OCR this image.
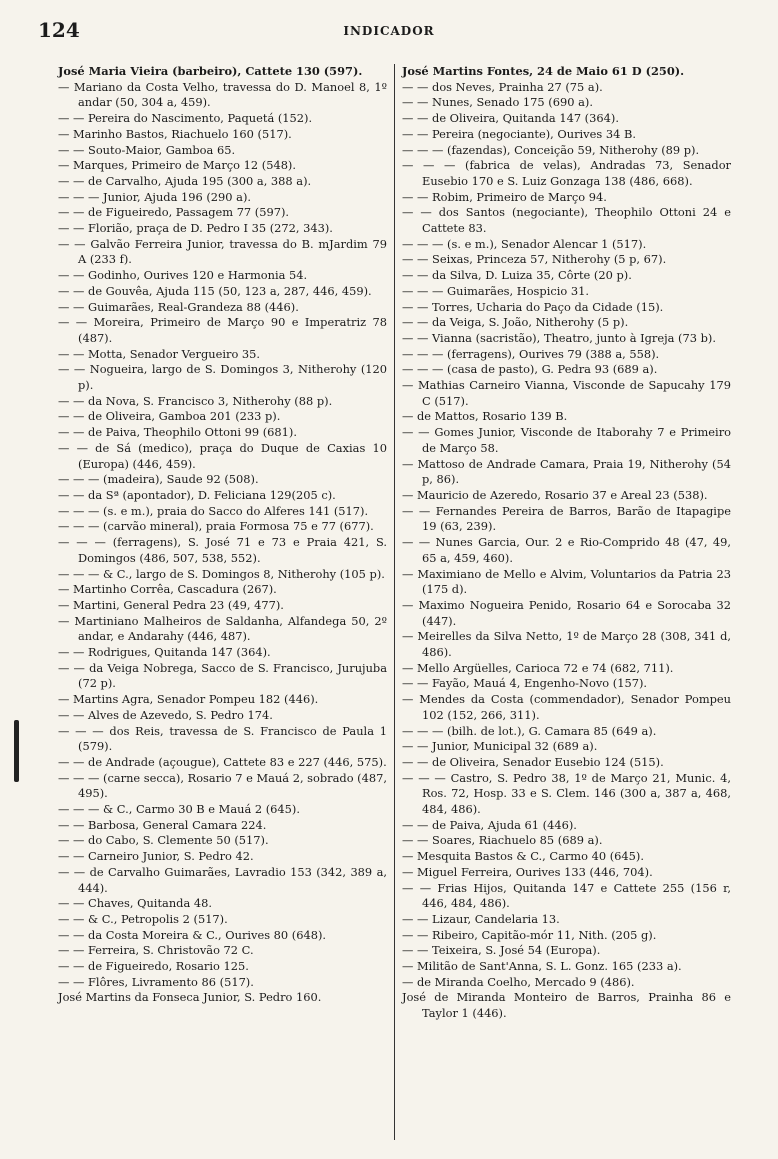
124	INDICADOR
José Maria Vieira (barbeiro), Cattete 130 (597).
— Mariano da Costa Velho, travessa do D. Manoel 8, 1º andar (50, 304 a, 459).
— — Pereira do Nascimento, Paquetá (152).
— Marinho Bastos, Riachuelo 160 (517).
— — Souto-Maior, Gamboa 65.
— Marques, Primeiro de Março 12 (548).
— — de Carvalho, Ajuda 195 (300 a, 388 a).
— — — Junior, Ajuda 196 (290 a).
— — de Figueiredo, Passagem 77 (597).
— — Florião, praça de D. Pedro I 35 (272, 343).
— — Galvão Ferreira Junior, travessa do B. mJardim 79 A (233 f).
— — Godinho, Ourives 120 e Harmonia 54.
— — de Gouvêa, Ajuda 115 (50, 123 a, 287, 446, 459).
— — Guimarães, Real-Grandeza 88 (446).
— — Moreira, Primeiro de Março 90 e Imperatriz 78 (487).
— — Motta, Senador Vergueiro 35.
— — Nogueira, largo de S. Domingos 3, Nitherohy (120 p).
— — da Nova, S. Francisco 3, Nitherohy (88 p).
— — de Oliveira, Gamboa 201 (233 p).
— — de Paiva, Theophilo Ottoni 99 (681).
— — de Sá (medico), praça do Duque de Caxias 10 (Europa) (446, 459).
— — — (madeira), Saude 92 (508).
— — da Sª (apontador), D. Feliciana 129(205 c).
— — — (s. e m.), praia do Sacco do Alferes 141 (517).
— — — (carvão mineral), praia Formosa 75 e 77 (677).
— — — (ferragens), S. José 71 e 73 e Praia 421, S. Domingos (486, 507, 538, 552).
— — — & C., largo de S. Domingos 8, Nitherohy (105 p).
— Martinho Corrêa, Cascadura (267).
— Martini, General Pedra 23 (49, 477).
— Martiniano Malheiros de Saldanha, Alfandega 50, 2º andar, e Andarahy (446, 487).
— — Rodrigues, Quitanda 147 (364).
— — da Veiga Nobrega, Sacco de S. Francisco, Jurujuba (72 p).
— Martins Agra, Senador Pompeu 182 (446).
— — Alves de Azevedo, S. Pedro 174.
— — — dos Reis, travessa de S. Francisco de Paula 1 (579).
— — de Andrade (açougue), Cattete 83 e 227 (446, 575).
— — — (carne secca), Rosario 7 e Mauá 2, sobrado (487, 495).
— — — & C., Carmo 30 B e Mauá 2 (645).
— — Barbosa, General Camara 224.
— — do Cabo, S. Clemente 50 (517).
— — Carneiro Junior, S. Pedro 42.
— — de Carvalho Guimarães, Lavradio 153 (342, 389 a, 444).
— — Chaves, Quitanda 48.
— — & C., Petropolis 2 (517).
— — da Costa Moreira & C., Ourives 80 (648).
— — Ferreira, S. Christovão 72 C.
— — de Figueiredo, Rosario 125.
— — Flôres, Livramento 86 (517).
José Martins da Fonseca Junior, S. Pedro 160.
José Martins Fontes, 24 de Maio 61 D (250).
— — dos Neves, Prainha 27 (75 a).
— — Nunes, Senado 175 (690 a).
— — de Oliveira, Quitanda 147 (364).
— — Pereira (negociante), Ourives 34 B.
— — — (fazendas), Conceição 59, Nitherohy (89 p).
— — — (fabrica de velas), Andradas 73, Senador Eusebio 170 e S. Luiz Gonzaga 138 (486, 668).
— — Robim, Primeiro de Março 94.
— — dos Santos (negociante), Theophilo Ottoni 24 e Cattete 83.
— — — (s. e m.), Senador Alencar 1 (517).
— — Seixas, Princeza 57, Nitherohy (5 p, 67).
— — da Silva, D. Luiza 35, Côrte (20 p).
— — — Guimarães, Hospicio 31.
— — Torres, Ucharia do Paço da Cidade (15).
— — da Veiga, S. João, Nitherohy (5 p).
— — Vianna (sacristão), Theatro, junto à Igreja (73 b).
— — — (ferragens), Ourives 79 (388 a, 558).
— — — (casa de pasto), G. Pedra 93 (689 a).
— Mathias Carneiro Vianna, Visconde de Sapucahy 179 C (517).
— de Mattos, Rosario 139 B.
— — Gomes Junior, Visconde de Itaborahy 7 e Primeiro de Março 58.
— Mattoso de Andrade Camara, Praia 19, Nitherohy (54 p, 86).
— Mauricio de Azeredo, Rosario 37 e Areal 23 (538).
— — Fernandes Pereira de Barros, Barão de Itapagipe 19 (63, 239).
— — Nunes Garcia, Our. 2 e Rio-Comprido 48 (47, 49, 65 a, 459, 460).
— Maximiano de Mello e Alvim, Voluntarios da Patria 23 (175 d).
— Maximo Nogueira Penido, Rosario 64 e Sorocaba 32 (447).
— Meirelles da Silva Netto, 1º de Março 28 (308, 341 d, 486).
— Mello Argüelles, Carioca 72 e 74 (682, 711).
— — Fayão, Mauá 4, Engenho-Novo (157).
— Mendes da Costa (commendador), Senador Pompeu 102 (152, 266, 311).
— — — (bilh. de lot.), G. Camara 85 (649 a).
— — Junior, Municipal 32 (689 a).
— — de Oliveira, Senador Eusebio 124 (515).
— — — Castro, S. Pedro 38, 1º de Março 21, Munic. 4, Ros. 72, Hosp. 33 e S. Clem. 146 (300 a, 387 a, 468, 484, 486).
— — de Paiva, Ajuda 61 (446).
— — Soares, Riachuelo 85 (689 a).
— Mesquita Bastos & C., Carmo 40 (645).
— Miguel Ferreira, Ourives 133 (446, 704).
— — Frias Hijos, Quitanda 147 e Cattete 255 (156 r, 446, 484, 486).
— — Lizaur, Candelaria 13.
— — Ribeiro, Capitão-mór 11, Nith. (205 g).
— — Teixeira, S. José 54 (Europa).
— Militão de Sant'Anna, S. L. Gonz. 165 (233 a).
— de Miranda Coelho, Mercado 9 (486).
José de Miranda Monteiro de Barros, Prainha 86 e Taylor 1 (446).
